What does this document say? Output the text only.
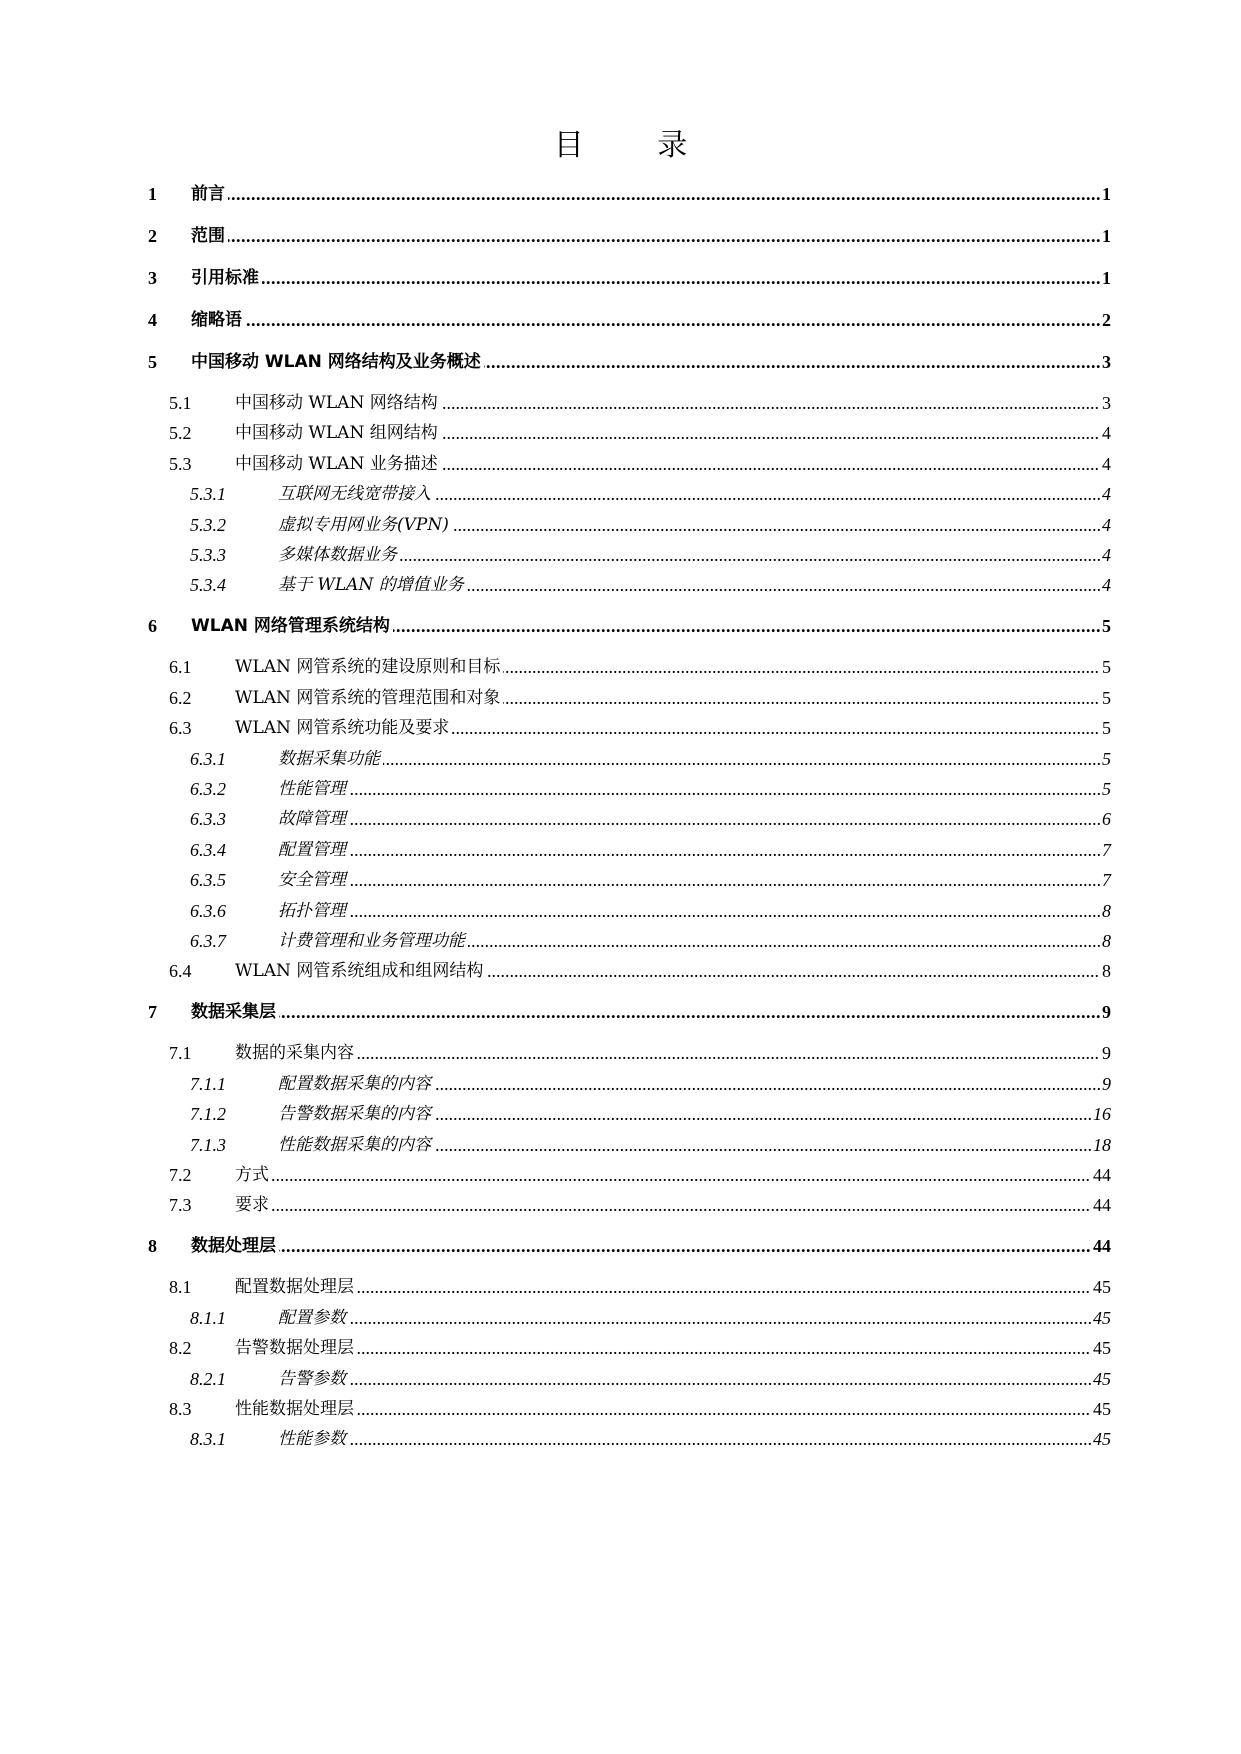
目 录
.....
1 前言	1
.....
2 范围	1
.....
3 引用标准	1
.....
4 缩略语	2
.....
5 中国移动 WLAN 网络结构及业务概述	3
.....
5.1	中国移动 WLAN 网络结构	3
.....
5.2	中国移动 WLAN 组网结构	4
.....
5.3	中国移动 WLAN 业务描述	4
.....
5.3.1	互联网无线宽带接入	4
.....
5.3.2	虚拟专用网业务(VPN)	4
.....
5.3.3	多媒体数据业务	4
.....
5.3.4	基于 WLAN 的增值业务	4
.....
6 WLAN 网络管理系统结构	5
.....
6.1	WLAN 网管系统的建设原则和目标	5
.....
6.2	WLAN 网管系统的管理范围和对象	5
.....
6.3	WLAN 网管系统功能及要求	5
.....
6.3.1	数据采集功能	5
.....
6.3.2	性能管理	5
.....
6.3.3	故障管理	6
.....
6.3.4	配置管理	7
.....
6.3.5	安全管理	7
.....
6.3.6	拓扑管理	8
.....
6.3.7	计费管理和业务管理功能	8
.....
6.4	WLAN 网管系统组成和组网结构	8
.....
7 数据采集层	9
.....
7.1	数据的采集内容	9
.....
7.1.1	配置数据采集的内容	9
.....
7.1.2	告警数据采集的内容	16
.....
7.1.3	性能数据采集的内容	18
.....
7.2	方式	44
.....
7.3	要求	44
.....
8 数据处理层	44
.....
8.1	配置数据处理层	45
.....
8.1.1	配置参数	45
.....
8.2	告警数据处理层	45
.....
8.2.1	告警参数	45
.....
8.3	性能数据处理层	45
.....
8.3.1	性能参数	45
